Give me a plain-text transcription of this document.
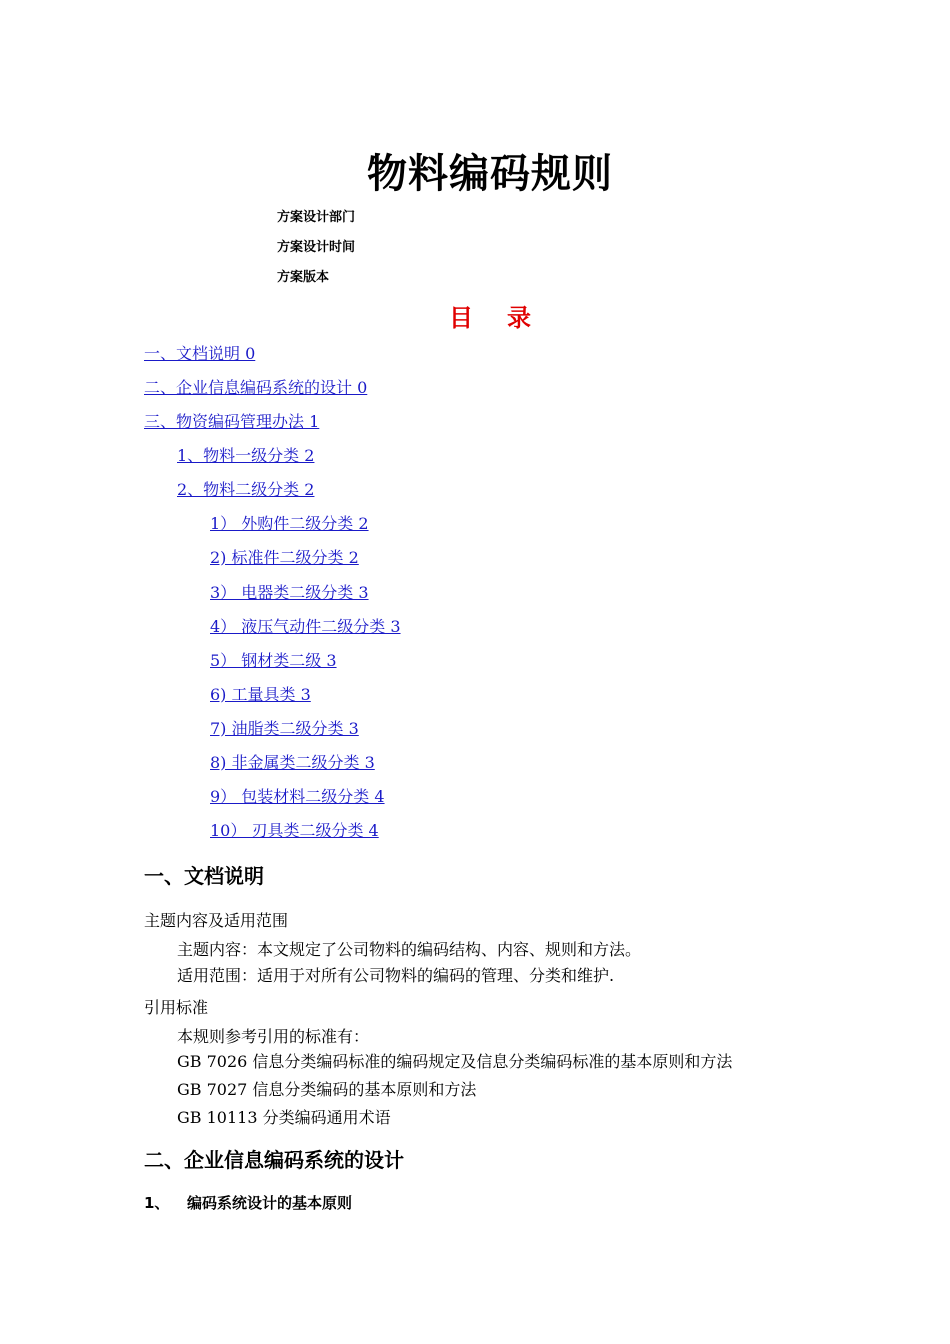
物料编码规则
方案设计部门
方案设计时间
方案版本
目 录
一、文档说明 0
二、企业信息编码系统的设计 0
三、物资编码管理办法 1
1、物料一级分类 2
2、物料二级分类 2
1） 外购件二级分类 2
2) 标准件二级分类 2
3） 电器类二级分类 3
4） 液压气动件二级分类 3
5） 钢材类二级 3
6) 工量具类 3
7) 油脂类二级分类 3
8) 非金属类二级分类 3
9） 包装材料二级分类 4
10） 刃具类二级分类 4
一、文档说明
主题内容及适用范围
主题内容：本文规定了公司物料的编码结构、内容、规则和方法。
适用范围：适用于对所有公司物料的编码的管理、分类和维护.
引用标准
本规则参考引用的标准有：
GB 7026 信息分类编码标准的编码规定及信息分类编码标准的基本原则和方法
GB 7027 信息分类编码的基本原则和方法
GB 10113 分类编码通用术语
二、企业信息编码系统的设计
1、 编码系统设计的基本原则
